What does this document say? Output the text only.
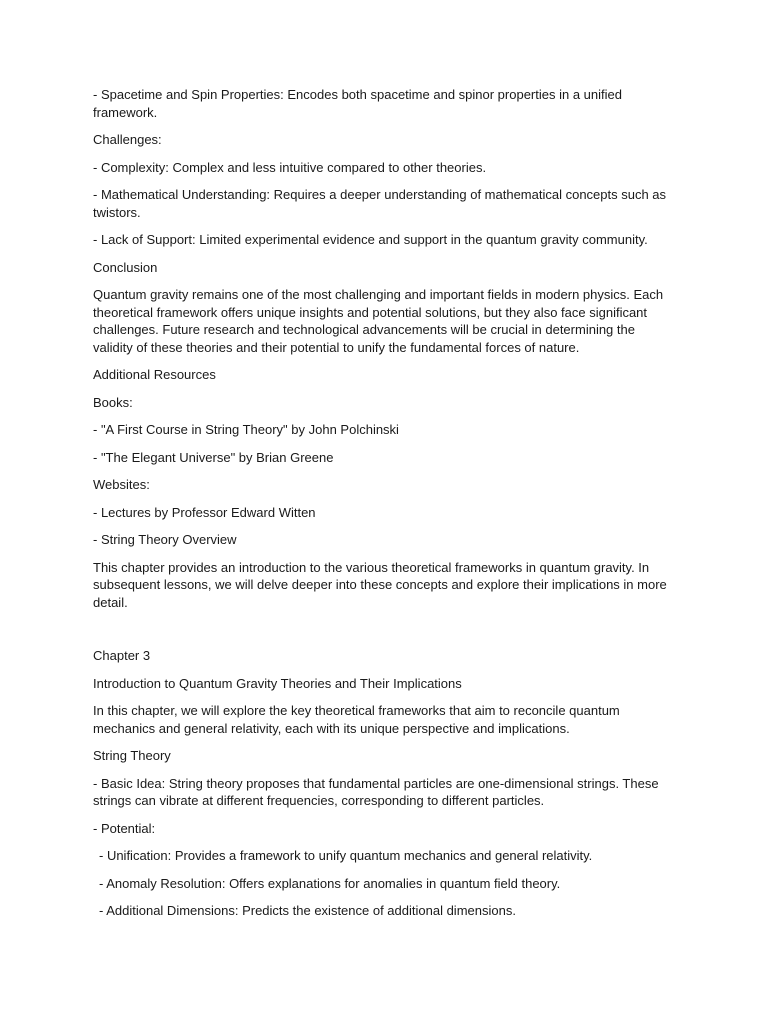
- Spacetime and Spin Properties: Encodes both spacetime and spinor properties in a unified framework.

Challenges:

- Complexity: Complex and less intuitive compared to other theories.

- Mathematical Understanding: Requires a deeper understanding of mathematical concepts such as twistors.

- Lack of Support: Limited experimental evidence and support in the quantum gravity community.

Conclusion

Quantum gravity remains one of the most challenging and important fields in modern physics. Each theoretical framework offers unique insights and potential solutions, but they also face significant challenges. Future research and technological advancements will be crucial in determining the validity of these theories and their potential to unify the fundamental forces of nature.

Additional Resources

Books:

- "A First Course in String Theory" by John Polchinski

- "The Elegant Universe" by Brian Greene

Websites:

- Lectures by Professor Edward Witten

- String Theory Overview

This chapter provides an introduction to the various theoretical frameworks in quantum gravity. In subsequent lessons, we will delve deeper into these concepts and explore their implications in more detail.

Chapter 3

Introduction to Quantum Gravity Theories and Their Implications

In this chapter, we will explore the key theoretical frameworks that aim to reconcile quantum mechanics and general relativity, each with its unique perspective and implications.

String Theory

- Basic Idea: String theory proposes that fundamental particles are one-dimensional strings. These strings can vibrate at different frequencies, corresponding to different particles.

- Potential:

- Unification: Provides a framework to unify quantum mechanics and general relativity.

- Anomaly Resolution: Offers explanations for anomalies in quantum field theory.

- Additional Dimensions: Predicts the existence of additional dimensions.
